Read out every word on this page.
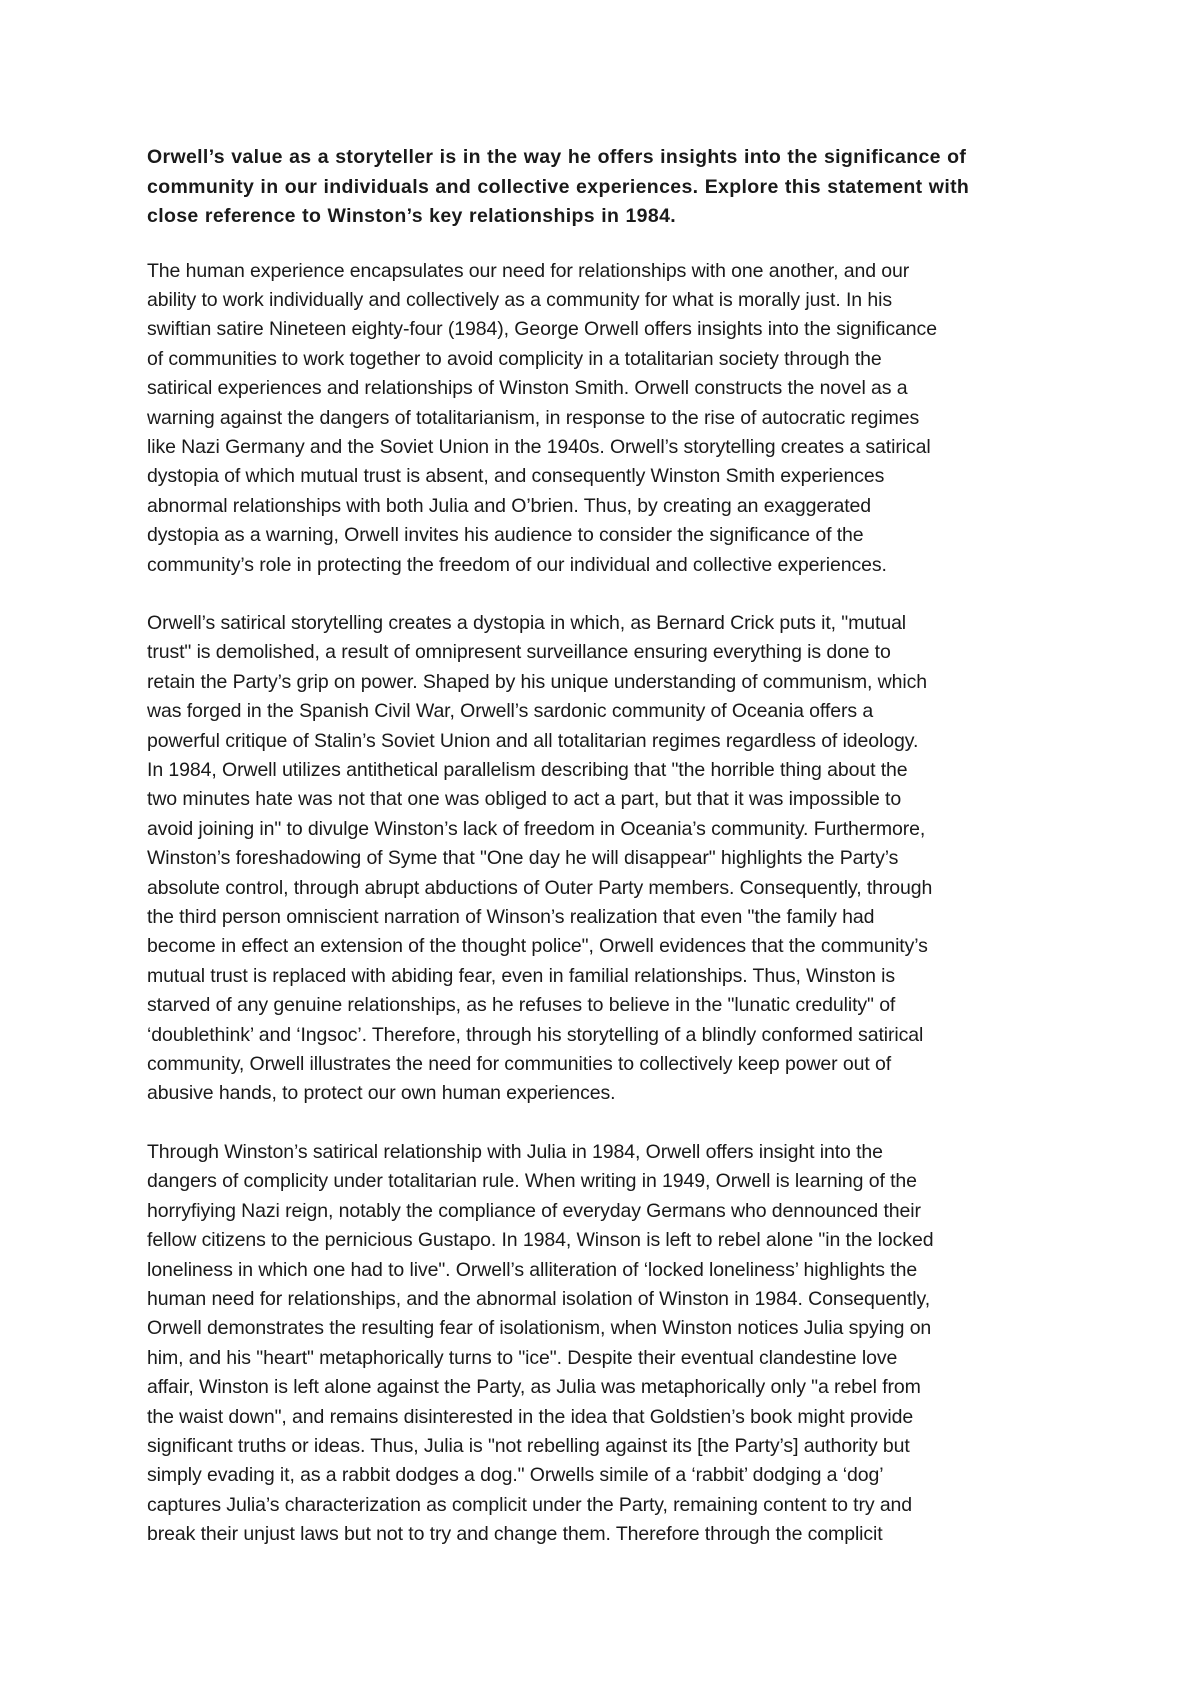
Orwell’s value as a storyteller is in the way he offers insights into the significance of
community in our individuals and collective experiences. Explore this statement with
close reference to Winston’s key relationships in 1984.

The human experience encapsulates our need for relationships with one another, and our
ability to work individually and collectively as a community for what is morally just. In his
swiftian satire Nineteen eighty-four (1984), George Orwell offers insights into the significance
of communities to work together to avoid complicity in a totalitarian society through the
satirical experiences and relationships of Winston Smith. Orwell constructs the novel as a
warning against the dangers of totalitarianism, in response to the rise of autocratic regimes
like Nazi Germany and the Soviet Union in the 1940s. Orwell’s storytelling creates a satirical
dystopia of which mutual trust is absent, and consequently Winston Smith experiences
abnormal relationships with both Julia and O’brien. Thus, by creating an exaggerated
dystopia as a warning, Orwell invites his audience to consider the significance of the
community’s role in protecting the freedom of our individual and collective experiences.

Orwell’s satirical storytelling creates a dystopia in which, as Bernard Crick puts it, "mutual
trust" is demolished, a result of omnipresent surveillance ensuring everything is done to
retain the Party’s grip on power. Shaped by his unique understanding of communism, which
was forged in the Spanish Civil War, Orwell’s sardonic community of Oceania offers a
powerful critique of Stalin’s Soviet Union and all totalitarian regimes regardless of ideology.
In 1984, Orwell utilizes antithetical parallelism describing that "the horrible thing about the
two minutes hate was not that one was obliged to act a part, but that it was impossible to
avoid joining in" to divulge Winston’s lack of freedom in Oceania’s community. Furthermore,
Winston’s foreshadowing of Syme that "One day he will disappear" highlights the Party’s
absolute control, through abrupt abductions of Outer Party members. Consequently, through
the third person omniscient narration of Winson’s realization that even "the family had
become in effect an extension of the thought police", Orwell evidences that the community’s
mutual trust is replaced with abiding fear, even in familial relationships. Thus, Winston is
starved of any genuine relationships, as he refuses to believe in the "lunatic credulity" of
‘doublethink’ and ‘Ingsoc’. Therefore, through his storytelling of a blindly conformed satirical
community, Orwell illustrates the need for communities to collectively keep power out of
abusive hands, to protect our own human experiences.

Through Winston’s satirical relationship with Julia in 1984, Orwell offers insight into the
dangers of complicity under totalitarian rule. When writing in 1949, Orwell is learning of the
horryfiying Nazi reign, notably the compliance of everyday Germans who dennounced their
fellow citizens to the pernicious Gustapo. In 1984, Winson is left to rebel alone "in the locked
loneliness in which one had to live". Orwell’s alliteration of ‘locked loneliness’ highlights the
human need for relationships, and the abnormal isolation of Winston in 1984. Consequently,
Orwell demonstrates the resulting fear of isolationism, when Winston notices Julia spying on
him, and his "heart" metaphorically turns to "ice". Despite their eventual clandestine love
affair, Winston is left alone against the Party, as Julia was metaphorically only "a rebel from
the waist down", and remains disinterested in the idea that Goldstien’s book might provide
significant truths or ideas. Thus, Julia is "not rebelling against its [the Party’s] authority but
simply evading it, as a rabbit dodges a dog." Orwells simile of a ‘rabbit’ dodging a ‘dog’
captures Julia’s characterization as complicit under the Party, remaining content to try and
break their unjust laws but not to try and change them. Therefore through the complicit
